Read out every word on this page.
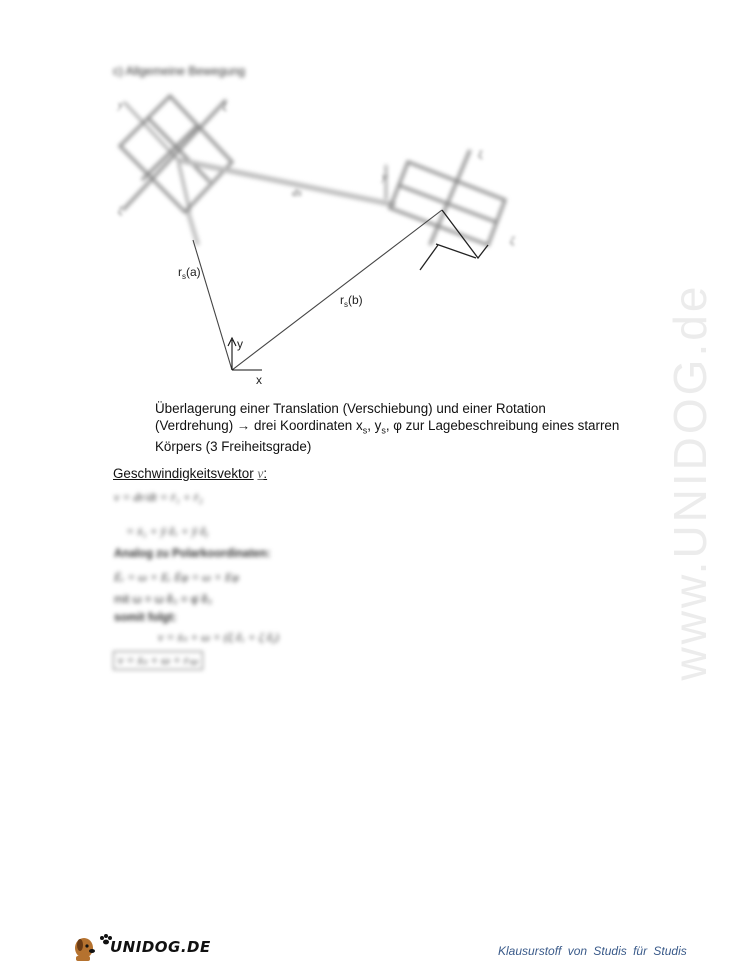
c) Allgemeine Bewegung
www.UNIDOG.de
y	ξ
ζ
ds
y
ξ
ζ
$r_s(a)$
$r_s(b)$
y
x
Überlagerung einer Translation (Verschiebung) und einer Rotation
(Verdrehung) → drei Koordinaten $x_s$, $y_s$, φ zur Lagebeschreibung eines starren
Körpers (3 Freiheitsgrade)
Geschwindigkeitsvektor v:
v = dr/dt = ṙ₁ + ṙ₂
= ẋ₁ + ÿ ẽₓ + ÿ ẽᵧ
Analog zu Polarkoordinaten:
Ėᵣ = ω × Eᵣ Ėφ = ω × Eφ
mit ω = ω ẽ₂ = φ̇ ẽ₂
somit folgt:
v = ẋₛ + ω × (ξ ẽₓ + ζ ẽᵧ)
v = ẋₛ + ω × rₛₚ
UNIDOG.DE	Klausurstoff von Studis für Studis
